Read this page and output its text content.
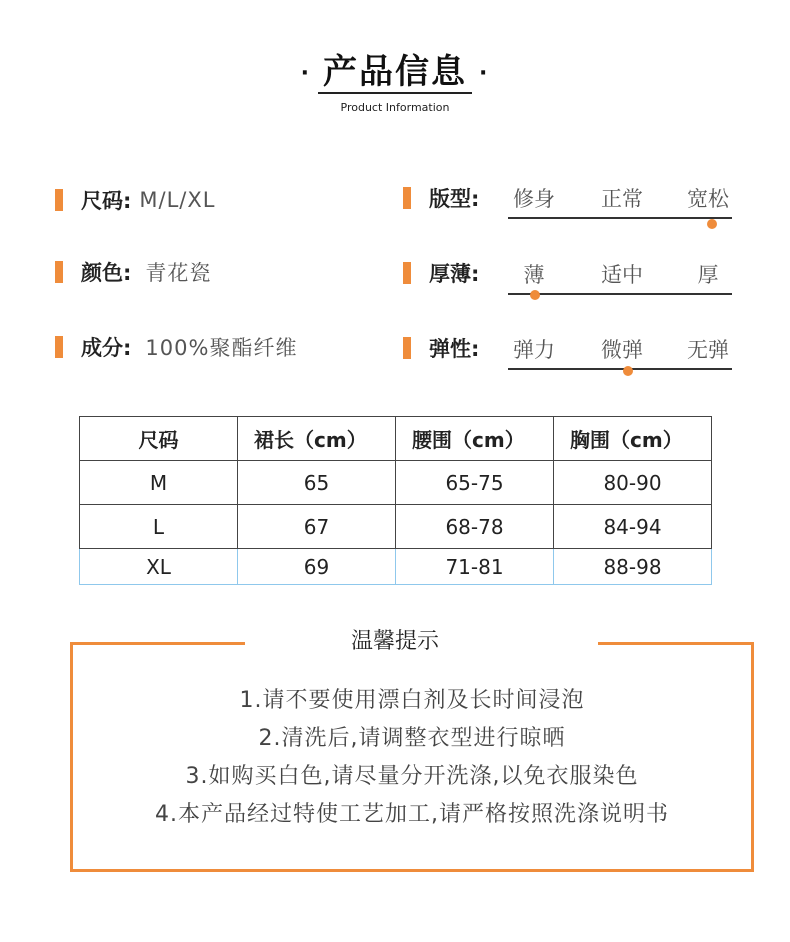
· 产品信息 ·
Product Information
尺码: M/L/XL
颜色: 青花瓷
成分: 100%聚酯纤维
版型: 修身 正常 宽松
厚薄: 薄	适中	厚
弹性: 弹力 微弹 无弹
尺码	裙长（cm）	腰围（cm）	胸围（cm）
M	65	65-75	80-90
L	67	68-78	84-94
XL	69	71-81	88-98
温馨提示
1.请不要使用漂白剂及长时间浸泡
2.清洗后,请调整衣型进行晾晒
3.如购买白色,请尽量分开洗涤,以免衣服染色
4.本产品经过特使工艺加工,请严格按照洗涤说明书
